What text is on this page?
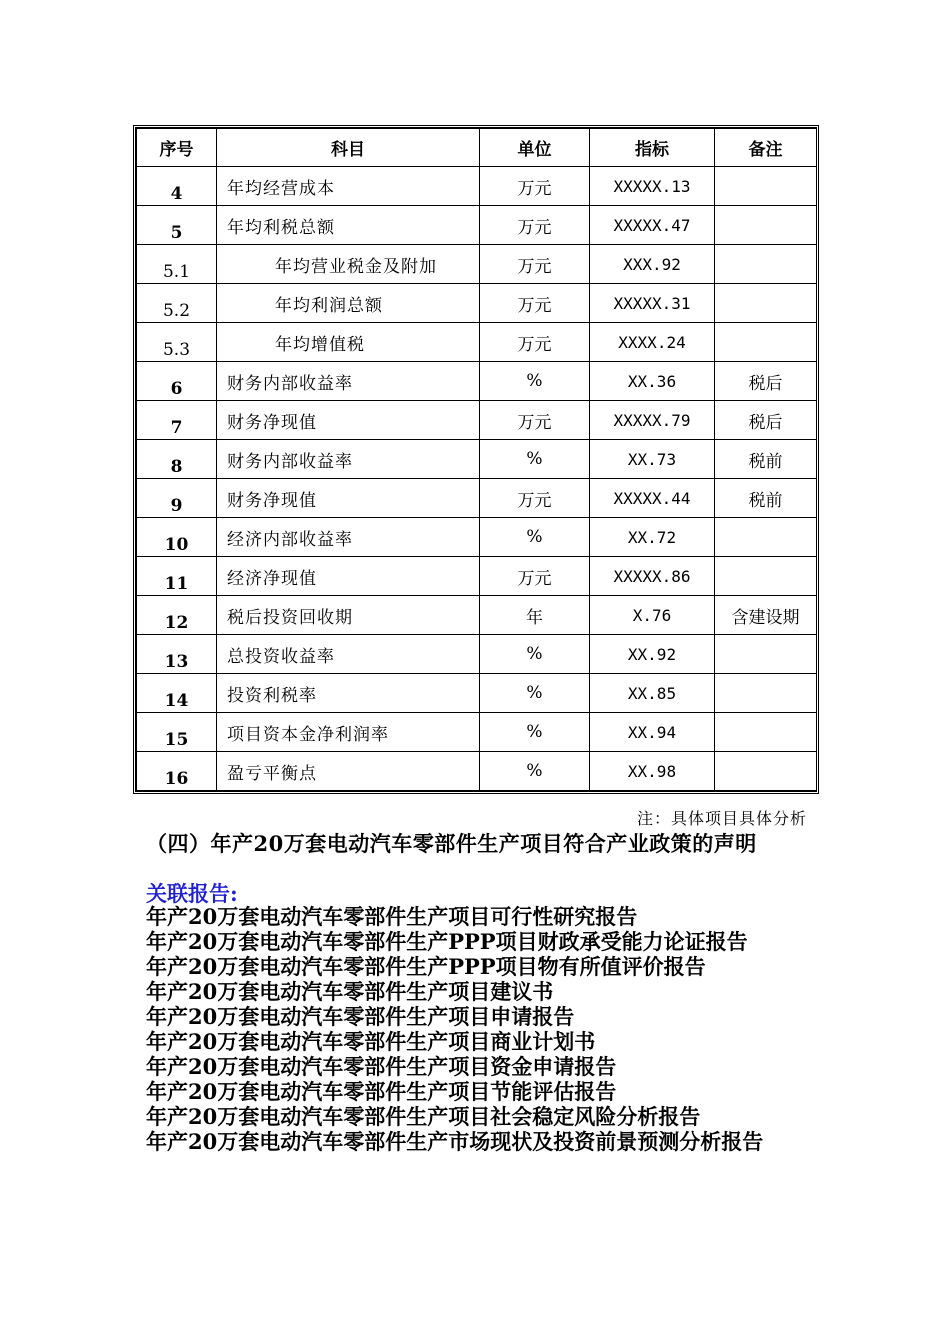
序号	科目	单位	指标	备注
4	年均经营成本	万元	XXXXX.13	
5	年均利税总额	万元	XXXXX.47	
5.1	年均营业税金及附加	万元	XXX.92	
5.2	年均利润总额	万元	XXXXX.31	
5.3	年均增值税	万元	XXXX.24	
6	财务内部收益率	%	XX.36	税后
7	财务净现值	万元	XXXXX.79	税后
8	财务内部收益率	%	XX.73	税前
9	财务净现值	万元	XXXXX.44	税前
10	经济内部收益率	%	XX.72	
11	经济净现值	万元	XXXXX.86	
12	税后投资回收期	年	X.76	含建设期
13	总投资收益率	%	XX.92	
14	投资利税率	%	XX.85	
15	项目资本金净利润率	%	XX.94	
16	盈亏平衡点	%	XX.98	
注：具体项目具体分析
（四）年产20万套电动汽车零部件生产项目符合产业政策的声明
关联报告:
年产20万套电动汽车零部件生产项目可行性研究报告
年产20万套电动汽车零部件生产PPP项目财政承受能力论证报告
年产20万套电动汽车零部件生产PPP项目物有所值评价报告
年产20万套电动汽车零部件生产项目建议书
年产20万套电动汽车零部件生产项目申请报告
年产20万套电动汽车零部件生产项目商业计划书
年产20万套电动汽车零部件生产项目资金申请报告
年产20万套电动汽车零部件生产项目节能评估报告
年产20万套电动汽车零部件生产项目社会稳定风险分析报告
年产20万套电动汽车零部件生产市场现状及投资前景预测分析报告
